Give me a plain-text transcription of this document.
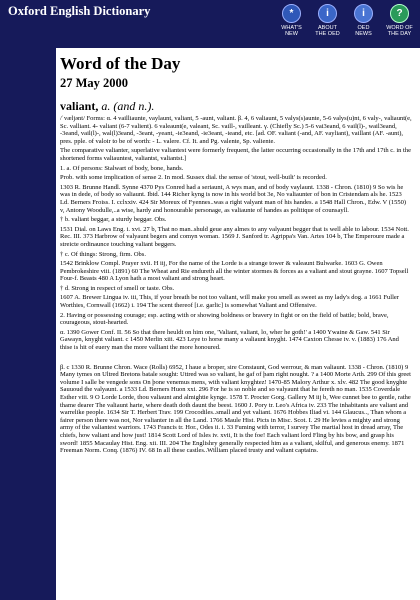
Oxford English Dictionary	*
WHAT'S
NEW
i
ABOUT
THE OED
i
OED
NEWS
?
WORD OF
THE DAY
Word of the Day
27 May 2000
valiant, a. (and n.).

/ˈvæljənt/ Forms: α. 4 vailliaunte, vaylaunt, valiant, 5 -aunt, valiant. β. 4, 6 valiaunt, 5 valys(s)aunte, 5-6 valys(u)nt, 6 valy-, valiaunt(e, Sc. valliant. 4- valiant (6-7 valient). 6 valeaunt(e, valeant, Sc. vaill-, vailleant. γ. (Chiefly Sc.) 5-6 vai3eand, 6 vail(l)-, wail3eand, -3eand, vail(l)-, wal(l)3eand, -3eant, -yeant, -ie3eand, -ie3eant, -ieand, etc. [ad. OF. valiant (-and, AF. vayliant), vaillant (AF. -aunt), pres. pple. of valoir to be of worth: - L. valere. Cf. It. and Pg. valente, Sp. valiente.

The comparative valianter, superlative valiantest were formerly frequent, the latter occurring occasionally in the 17th and 17th c. in the shortened forms valiauntest, valiantst, valiantst.]

1. a. Of persons: Stalwart of body, bone, hands.

Prob. with some implication of sense 2. In mod. Sussex dial. the sense of 'stout, well-built' is recorded.

1303 R. Brunne Handl. Synne 4370 Pys Conred had a seriaunt, A wys man, and of body vaylaunt. 1338 - Chron. (1810) 9 So wis he was in dede, of body so valiaunt. Ibid. 144 Richer kyng is now in his world bot 3e, No valiaunter of bon in Cristendam als he. 1523 Ld. Berners Froiss. I. cclxxiv. 424 Sir Moreux of Fyennes..was a right valyant man of his handes. a 1548 Hall Chron., Edw. V (1550) v, Antony Woodulle,..a wise, hardy and honourable personage, as valiaunte of handes as politique of counsayll.

† b. valiant beggar, a sturdy beggar. Obs.

1531 Dial. on Laws Eng. i. xvi. 27 b, That no man..shuld geue any almes to any valyaunt begger that is well able to labour. 1534 Nott. Rec. III. 373 Harbrow of valyaunt begers and comyn woman. 1569 J. Sanford tr. Agrippa's Van. Artes 104 b, The Emperoure made a streicte ordinaunce touching valiant beggers.

† c. Of things: Strong, firm. Obs.

1542 Brinklow Compl. Prayer xvii. H iij, For the name of the Lorde is a strange tower & valeaunt Bulwarke. 1603 G. Owen Pembrokeshire viii. (1891) 60 The Wheat and Rie endureth all the winter stormes & forces as a valiant and stout grayne. 1607 Topsell Four-f. Beasts 480 A Lyon hath a most valiant and strong heart.

† d. Strong in respect of smell or taste. Obs.

1607 A. Brewer Lingua iv. iii, This, if your breath be not too valiant, will make you smell as sweet as my lady's dog. a 1661 Fuller Worthies, Cornwall (1662) i. 194 The scent thereof [i.e. garlic] is somewhat Valiant and Offensive.

2. Having or possessing courage; esp. acting with or showing boldness or bravery in fight or on the field of battle; bold, brave, courageous, stout-hearted.

α. 1390 Gower Conf. II. 56 So that there heuldt on him one, 'Valiant, valiant, lo, wher he goth!' a 1400 Ywaine & Gaw. 541 Sir Gawayn, knyght valiant. c 1450 Merlin xiii. 423 Leye to horse many a valiaunt knyght. 1474 Caxton Chesse iv. v. (1883) 176 And thise is hit of euery man the more valliant the more honoured.

β. c 1330 R. Brunne Chron. Wace (Rolls) 6952, I haue a broper, sire Constaunt, God werrour, & man valiaunt. 1338 - Chron. (1810) 9 Many tymes on Ultred Bretons batale sought: Uttred was so valiant, he gaf of þam right nought. ? a 1400 Morte Arth. 299 Of this greet volume I salle be vengede sons On þone venemus mens, with valiant knyghtez! 1470-85 Malory Arthur x. xlv. 482 The good knyghte Sauuoud the valyaunt. a 1533 Ld. Berners Huon xxi. 296 For he is so noble and so valyaunt that he fereth no man. 1535 Coverdale Esther viii. 9 O Lorde Lorde, thou valiaunt and almightie kynge. 1578 T. Procter Gorg. Gallery M iij b, Wee cunnet bee to gentle, rathe thame dearer The valiaunt harte, where death doth daunt the beest. 1600 J. Pory tr. Leo's Africa iv. 233 The inhabitants are valiant and warrelike people. 1634 Sir T. Herbert Trav. 199 Crocodiles..small and yet valiant. 1676 Hobbes Iliad vi. 144 Glaucus.., Than whom a fairer person there was not, Nor valianter in all the Land. 1766 Maule Hist. Picts in Misc. Scot. I. 29 He levies a mighty and strong army of the valiantest warriors. 1743 Francis tr. Hor., Odes ii. i. 33 Fuming with terror, I survey The martial host in dread array, The chiefs, how valiant and how just! 1814 Scott Lord of Isles iv. xvii, It is the foe! Each valiant lord Fling by his bow, and grasp his sword! 1855 Macaulay Hist. Eng. xii. III. 204 The Englishry generally respected him as a valiant, skilful, and generous enemy. 1871 Freeman Norm. Conq. (1876) IV. 68 In all these castles..William placed trusty and valiant captains.
